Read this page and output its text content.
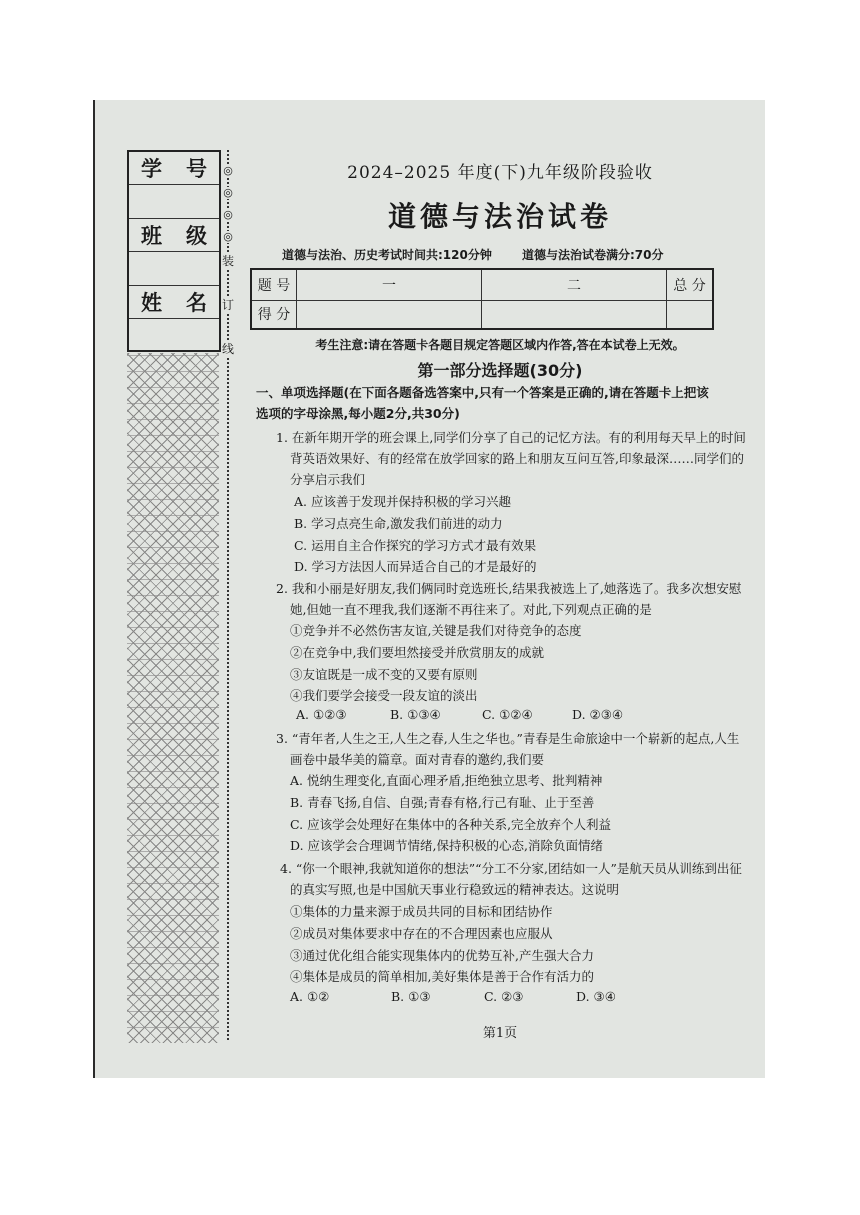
学 号
班 级
姓 名
◎
◎
◎
◎
装
订
线
2024–2025 年度(下)九年级阶段验收
道德与法治试卷
道德与法治、历史考试时间共:120分钟	道德与法治试卷满分:70分
题 号	一	二	总 分
得 分			
考生注意:请在答题卡各题目规定答题区域内作答,答在本试卷上无效。
第一部分选择题(30分)
一、单项选择题(在下面各题备选答案中,只有一个答案是正确的,请在答题卡上把该选项的字母涂黑,每小题2分,共30分)
1. 在新年期开学的班会课上,同学们分享了自己的记忆方法。有的利用每天早上的时间
背英语效果好、有的经常在放学回家的路上和朋友互问互答,印象最深……同学们的
分享启示我们
A. 应该善于发现并保持积极的学习兴趣
B. 学习点亮生命,激发我们前进的动力
C. 运用自主合作探究的学习方式才最有效果
D. 学习方法因人而异适合自己的才是最好的
2. 我和小丽是好朋友,我们俩同时竞选班长,结果我被选上了,她落选了。我多次想安慰
她,但她一直不理我,我们逐渐不再往来了。对此,下列观点正确的是
①竞争并不必然伤害友谊,关键是我们对待竞争的态度
②在竞争中,我们要坦然接受并欣赏朋友的成就
③友谊既是一成不变的又要有原则
④我们要学会接受一段友谊的淡出
A. ①②③	B. ①③④	C. ①②④	D. ②③④
3. “青年者,人生之王,人生之春,人生之华也。”青春是生命旅途中一个崭新的起点,人生
画卷中最华美的篇章。面对青春的邀约,我们要
A. 悦纳生理变化,直面心理矛盾,拒绝独立思考、批判精神
B. 青春飞扬,自信、自强;青春有格,行己有耻、止于至善
C. 应该学会处理好在集体中的各种关系,完全放弃个人利益
D. 应该学会合理调节情绪,保持积极的心态,消除负面情绪
4. “你一个眼神,我就知道你的想法”“分工不分家,团结如一人”是航天员从训练到出征
的真实写照,也是中国航天事业行稳致远的精神表达。这说明
①集体的力量来源于成员共同的目标和团结协作
②成员对集体要求中存在的不合理因素也应服从
③通过优化组合能实现集体内的优势互补,产生强大合力
④集体是成员的简单相加,美好集体是善于合作有活力的
A. ①②	B. ①③	C. ②③	D. ③④
第1页
